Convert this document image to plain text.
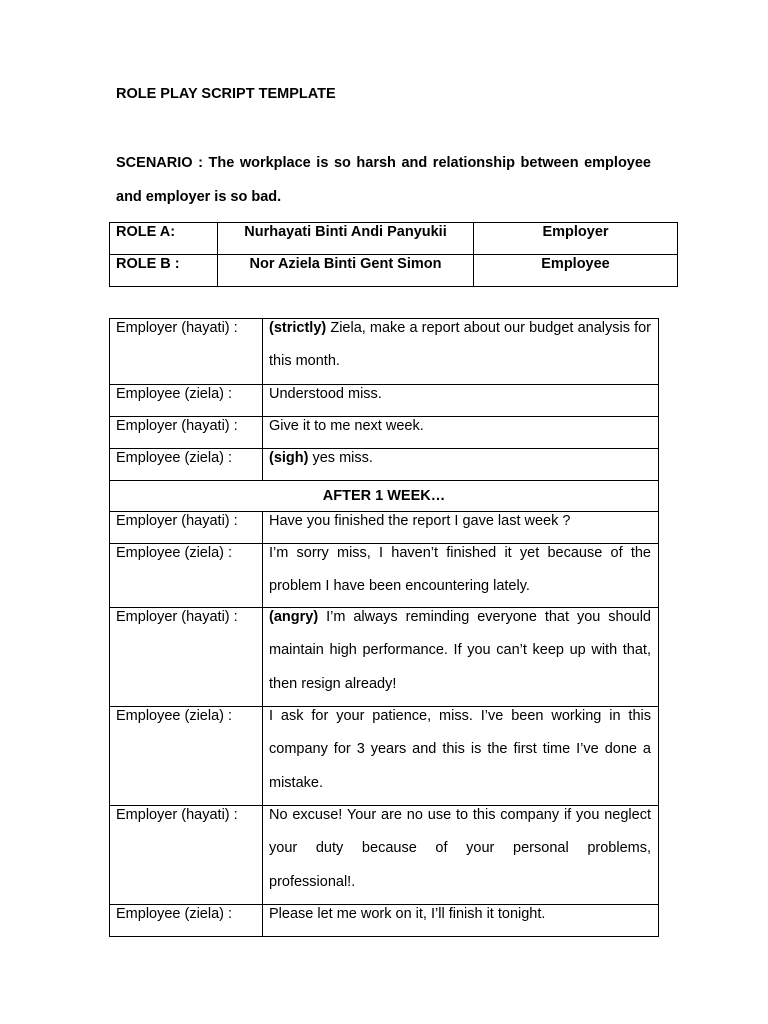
ROLE PLAY SCRIPT TEMPLATE

SCENARIO : The workplace is so harsh and relationship between employee and employer is so bad.

ROLE A:	Nurhayati Binti Andi Panyukii	Employer
ROLE B :	Nor Aziela Binti Gent Simon	Employee
Employer (hayati) :	(strictly) Ziela, make a report about our budget analysis for this month.

Employee (ziela) :	Understood miss.
Employer (hayati) :	Give it to me next week.
Employee (ziela) :	(sigh) yes miss.
AFTER 1 WEEK…	
Employer (hayati) :	Have you finished the report I gave last week ?
Employee (ziela) :	I’m sorry miss, I haven’t finished it yet because of the problem I have been encountering lately.

Employer (hayati) :	(angry) I’m always reminding everyone that you should maintain high performance. If you can’t keep up with that, then resign already!

Employee (ziela) :	I ask for your patience, miss. I’ve been working in this company for 3 years and this is the first time I’ve done a mistake.

Employer (hayati) :	No excuse! Your are no use to this company if you neglect your duty because of your personal problems, professional!.

Employee (ziela) :	Please let me work on it, I’ll finish it tonight.
